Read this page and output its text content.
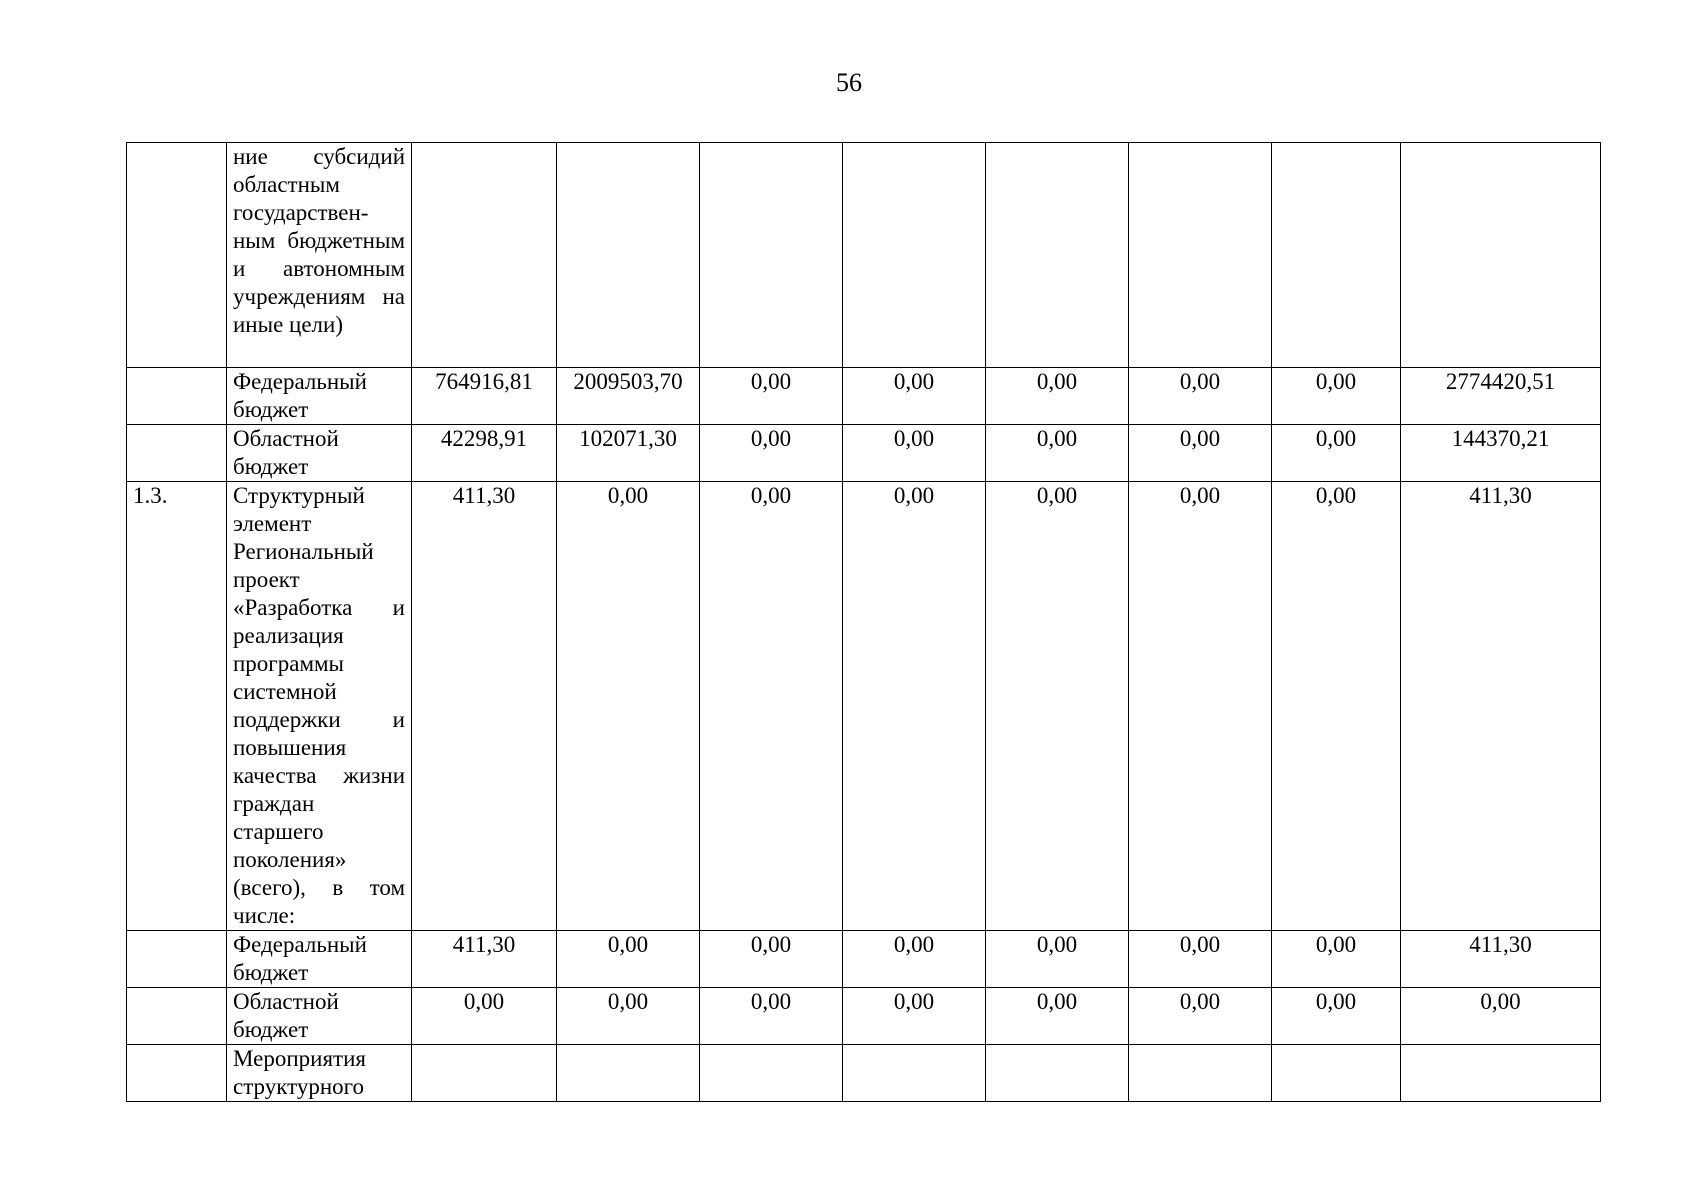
56
	ние субсидий областным государствен-ным бюджетным и автономным учреждениям на иные цели)								
	Федеральный бюджет	764916,81	2009503,70	0,00	0,00	0,00	0,00	0,00	2774420,51
	Областной бюджет	42298,91	102071,30	0,00	0,00	0,00	0,00	0,00	144370,21
1.3.	Структурный элемент Региональный проект «Разработка и реализация программы системной поддержки и повышения качества жизни граждан старшего поколения» (всего), в том числе:	411,30	0,00	0,00	0,00	0,00	0,00	0,00	411,30
	Федеральный бюджет	411,30	0,00	0,00	0,00	0,00	0,00	0,00	411,30
	Областной бюджет	0,00	0,00	0,00	0,00	0,00	0,00	0,00	0,00
	Мероприятия структурного								
